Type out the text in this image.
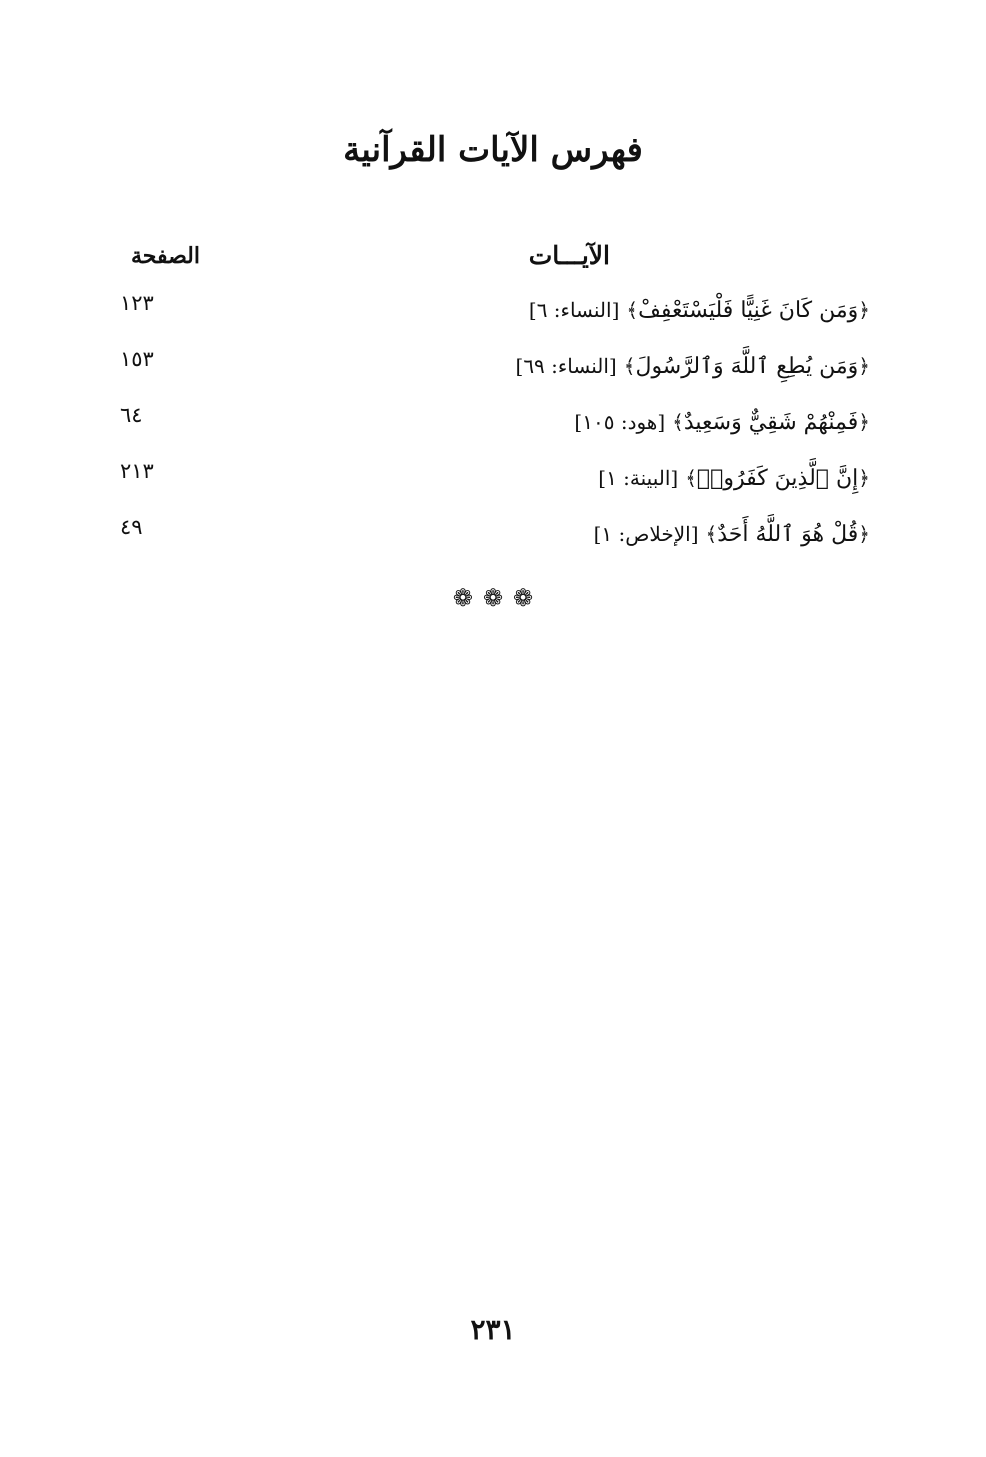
فهرس الآيات القرآنية
الآيـــات
الصفحة
﴿وَمَن كَانَ غَنِيًّا فَلْيَسْتَعْفِفْ﴾ [النساء: ٦]
١٢٣
﴿وَمَن يُطِعِ ٱللَّهَ وَٱلرَّسُولَ﴾ [النساء: ٦٩]
١٥٣
﴿فَمِنْهُمْ شَقِيٌّ وَسَعِيدٌ﴾ [هود: ١٠٥]
٦٤
﴿إِنَّ ٱلَّذِينَ كَفَرُوا۟﴾ [البينة: ١]
٢١٣
﴿قُلْ هُوَ ٱللَّهُ أَحَدٌ﴾ [الإخلاص: ١]
٤٩
❁ ❁ ❁
٢٣١
